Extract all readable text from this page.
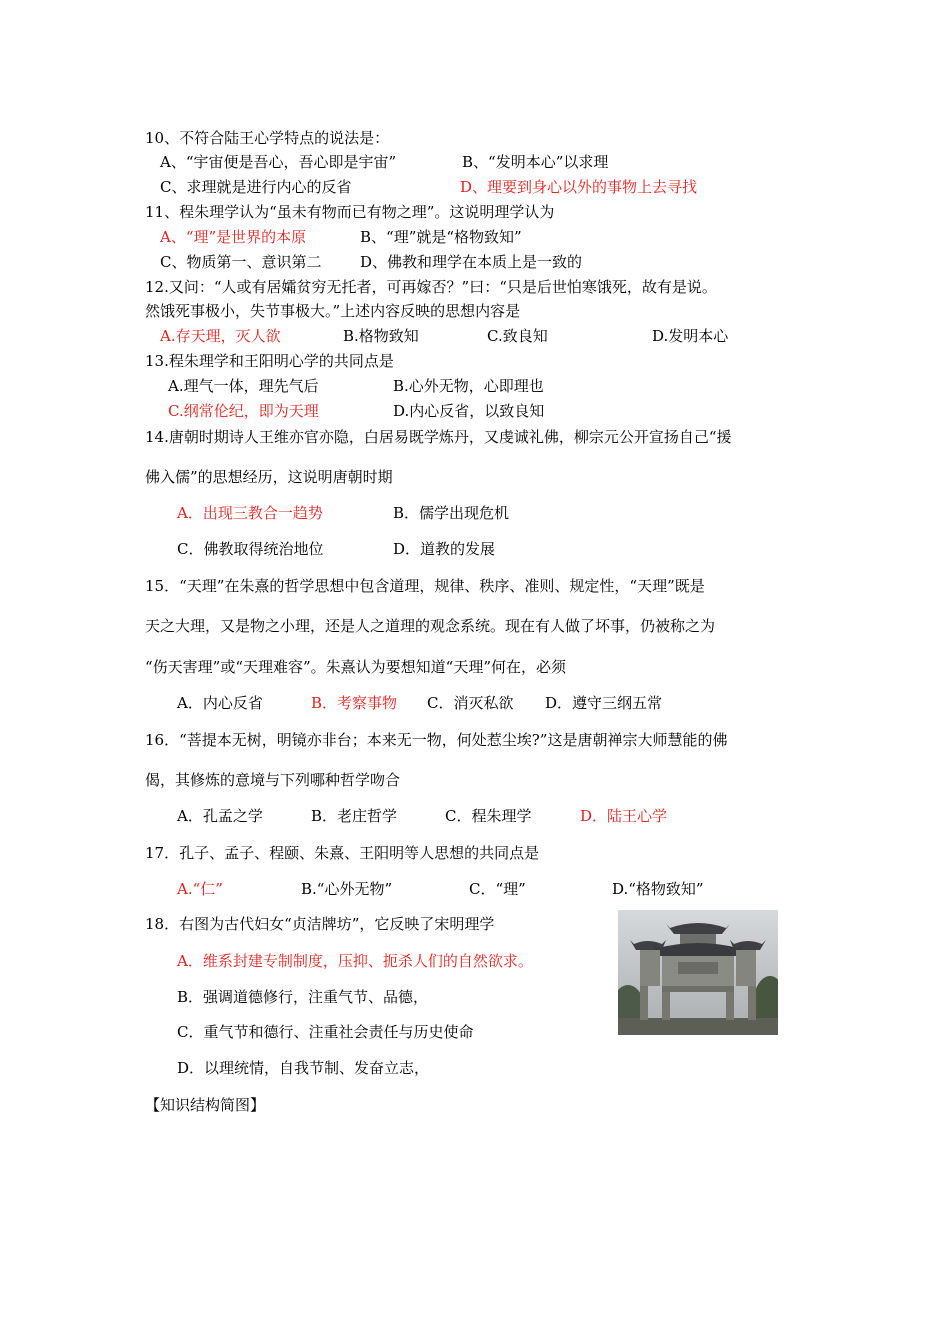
10、不符合陆王心学特点的说法是：
A、“宇宙便是吾心，吾心即是宇宙”	B、“发明本心”以求理
C、求理就是进行内心的反省	D、理要到身心以外的事物上去寻找
11、程朱理学认为“虽未有物而已有物之理”。这说明理学认为
A、“理”是世界的本原	B、“理”就是“格物致知”
C、物质第一、意识第二	D、佛教和理学在本质上是一致的
12.又问：“人或有居孀贫穷无托者，可再嫁否？”曰：“只是后世怕寒饿死，故有是说。
然饿死事极小，失节事极大。”上述内容反映的思想内容是
A.存天理，灭人欲	B.格物致知	C.致良知	D.发明本心
13.程朱理学和王阳明心学的共同点是
A.理气一体，理先气后	B.心外无物，心即理也
C.纲常伦纪，即为天理	D.内心反省，以致良知
14.唐朝时期诗人王维亦官亦隐，白居易既学炼丹，又虔诚礼佛，柳宗元公开宣扬自己“援
佛入儒”的思想经历，这说明唐朝时期
A．出现三教合一趋势	B．儒学出现危机
C．佛教取得统治地位	D．道教的发展
15．“天理”在朱熹的哲学思想中包含道理，规律、秩序、准则、规定性，“天理”既是
天之大理，又是物之小理，还是人之道理的观念系统。现在有人做了坏事，仍被称之为
“伤天害理”或“天理难容”。朱熹认为要想知道“天理”何在，必须
A．内心反省	B．考察事物 C．消灭私欲 D．遵守三纲五常
16．“菩提本无树，明镜亦非台；本来无一物，何处惹尘埃?”这是唐朝禅宗大师慧能的佛
偈，其修炼的意境与下列哪种哲学吻合
A．孔孟之学	B．老庄哲学	C．程朱理学	D．陆王心学
17．孔子、孟子、程颐、朱熹、王阳明等人思想的共同点是
A.“仁”	B.“心外无物”	C．“理”	D.“格物致知”
18．右图为古代妇女“贞洁牌坊”，它反映了宋明理学
A．维系封建专制制度，压抑、扼杀人们的自然欲求。
B．强调道德修行，注重气节、品德，
C．重气节和德行、注重社会责任与历史使命
D．以理统情，自我节制、发奋立志，
【知识结构简图】
